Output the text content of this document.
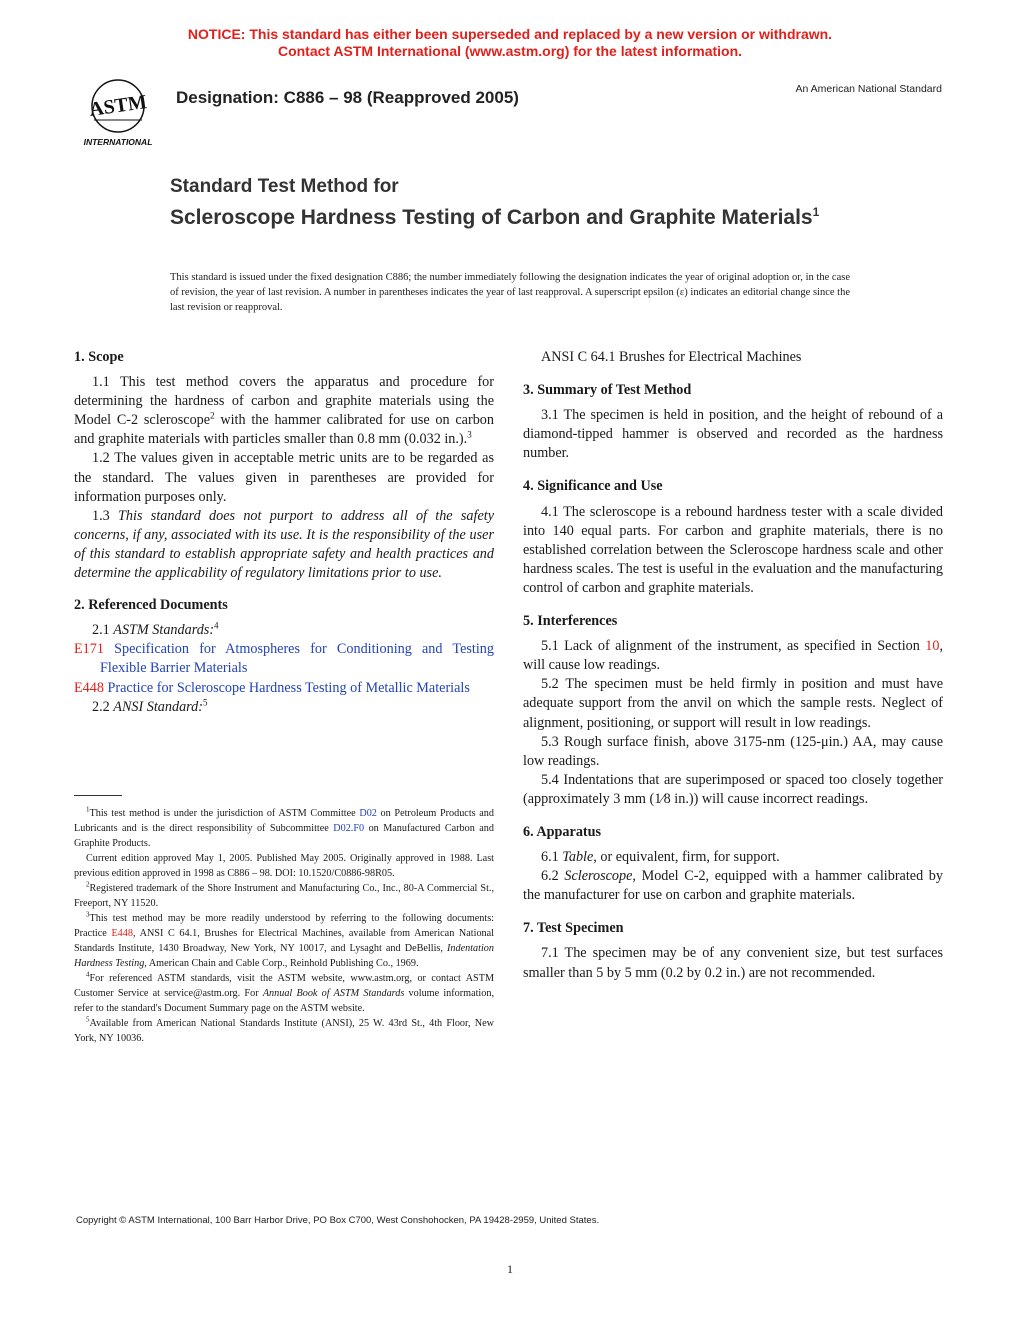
NOTICE: This standard has either been superseded and replaced by a new version or withdrawn.
Contact ASTM International (www.astm.org) for the latest information.
ASTM
INTERNATIONAL
Designation: C886 – 98 (Reapproved 2005)	An American National Standard
Standard Test Method for
Scleroscope Hardness Testing of Carbon and Graphite Materials$^1$
This standard is issued under the fixed designation C886; the number immediately following the designation indicates the year of original adoption or, in the case of revision, the year of last revision. A number in parentheses indicates the year of last reapproval. A superscript epsilon (ε) indicates an editorial change since the last revision or reapproval.
1. Scope

1.1 This test method covers the apparatus and procedure for determining the hardness of carbon and graphite materials using the Model C-2 scleroscope$^2$ with the hammer calibrated for use on carbon and graphite materials with particles smaller than 0.8 mm (0.032 in.).$^3$

1.2 The values given in acceptable metric units are to be regarded as the standard. The values given in parentheses are provided for information purposes only.

1.3 This standard does not purport to address all of the safety concerns, if any, associated with its use. It is the responsibility of the user of this standard to establish appropriate safety and health practices and determine the applicability of regulatory limitations prior to use.

2. Referenced Documents

2.1 ASTM Standards:$^4$

E171 Specification for Atmospheres for Conditioning and Testing Flexible Barrier Materials

E448 Practice for Scleroscope Hardness Testing of Metallic Materials

2.2 ANSI Standard:$^5$

$^1$This test method is under the jurisdiction of ASTM Committee D02 on Petroleum Products and Lubricants and is the direct responsibility of Subcommittee D02.F0 on Manufactured Carbon and Graphite Products.

Current edition approved May 1, 2005. Published May 2005. Originally approved in 1988. Last previous edition approved in 1998 as C886 – 98. DOI: 10.1520/C0886-98R05.

$^2$Registered trademark of the Shore Instrument and Manufacturing Co., Inc., 80-A Commercial St., Freeport, NY 11520.

$^3$This test method may be more readily understood by referring to the following documents: Practice E448, ANSI C 64.1, Brushes for Electrical Machines, available from American National Standards Institute, 1430 Broadway, New York, NY 10017, and Lysaght and DeBellis, Indentation Hardness Testing, American Chain and Cable Corp., Reinhold Publishing Co., 1969.

$^4$For referenced ASTM standards, visit the ASTM website, www.astm.org, or contact ASTM Customer Service at service@astm.org. For Annual Book of ASTM Standards volume information, refer to the standard's Document Summary page on the ASTM website.

$^5$Available from American National Standards Institute (ANSI), 25 W. 43rd St., 4th Floor, New York, NY 10036.

ANSI C 64.1 Brushes for Electrical Machines

3. Summary of Test Method

3.1 The specimen is held in position, and the height of rebound of a diamond-tipped hammer is observed and recorded as the hardness number.

4. Significance and Use

4.1 The scleroscope is a rebound hardness tester with a scale divided into 140 equal parts. For carbon and graphite materials, there is no established correlation between the Scleroscope hardness scale and other hardness scales. The test is useful in the evaluation and the manufacturing control of carbon and graphite materials.

5. Interferences

5.1 Lack of alignment of the instrument, as specified in Section 10, will cause low readings.

5.2 The specimen must be held firmly in position and must have adequate support from the anvil on which the sample rests. Neglect of alignment, positioning, or support will result in low readings.

5.3 Rough surface finish, above 3175-nm (125-μin.) AA, may cause low readings.

5.4 Indentations that are superimposed or spaced too closely together (approximately 3 mm (1⁄8 in.)) will cause incorrect readings.

6. Apparatus

6.1 Table, or equivalent, firm, for support.

6.2 Scleroscope, Model C-2, equipped with a hammer calibrated by the manufacturer for use on carbon and graphite materials.

7. Test Specimen

7.1 The specimen may be of any convenient size, but test surfaces smaller than 5 by 5 mm (0.2 by 0.2 in.) are not recommended.

Copyright © ASTM International, 100 Barr Harbor Drive, PO Box C700, West Conshohocken, PA 19428-2959, United States.
1
